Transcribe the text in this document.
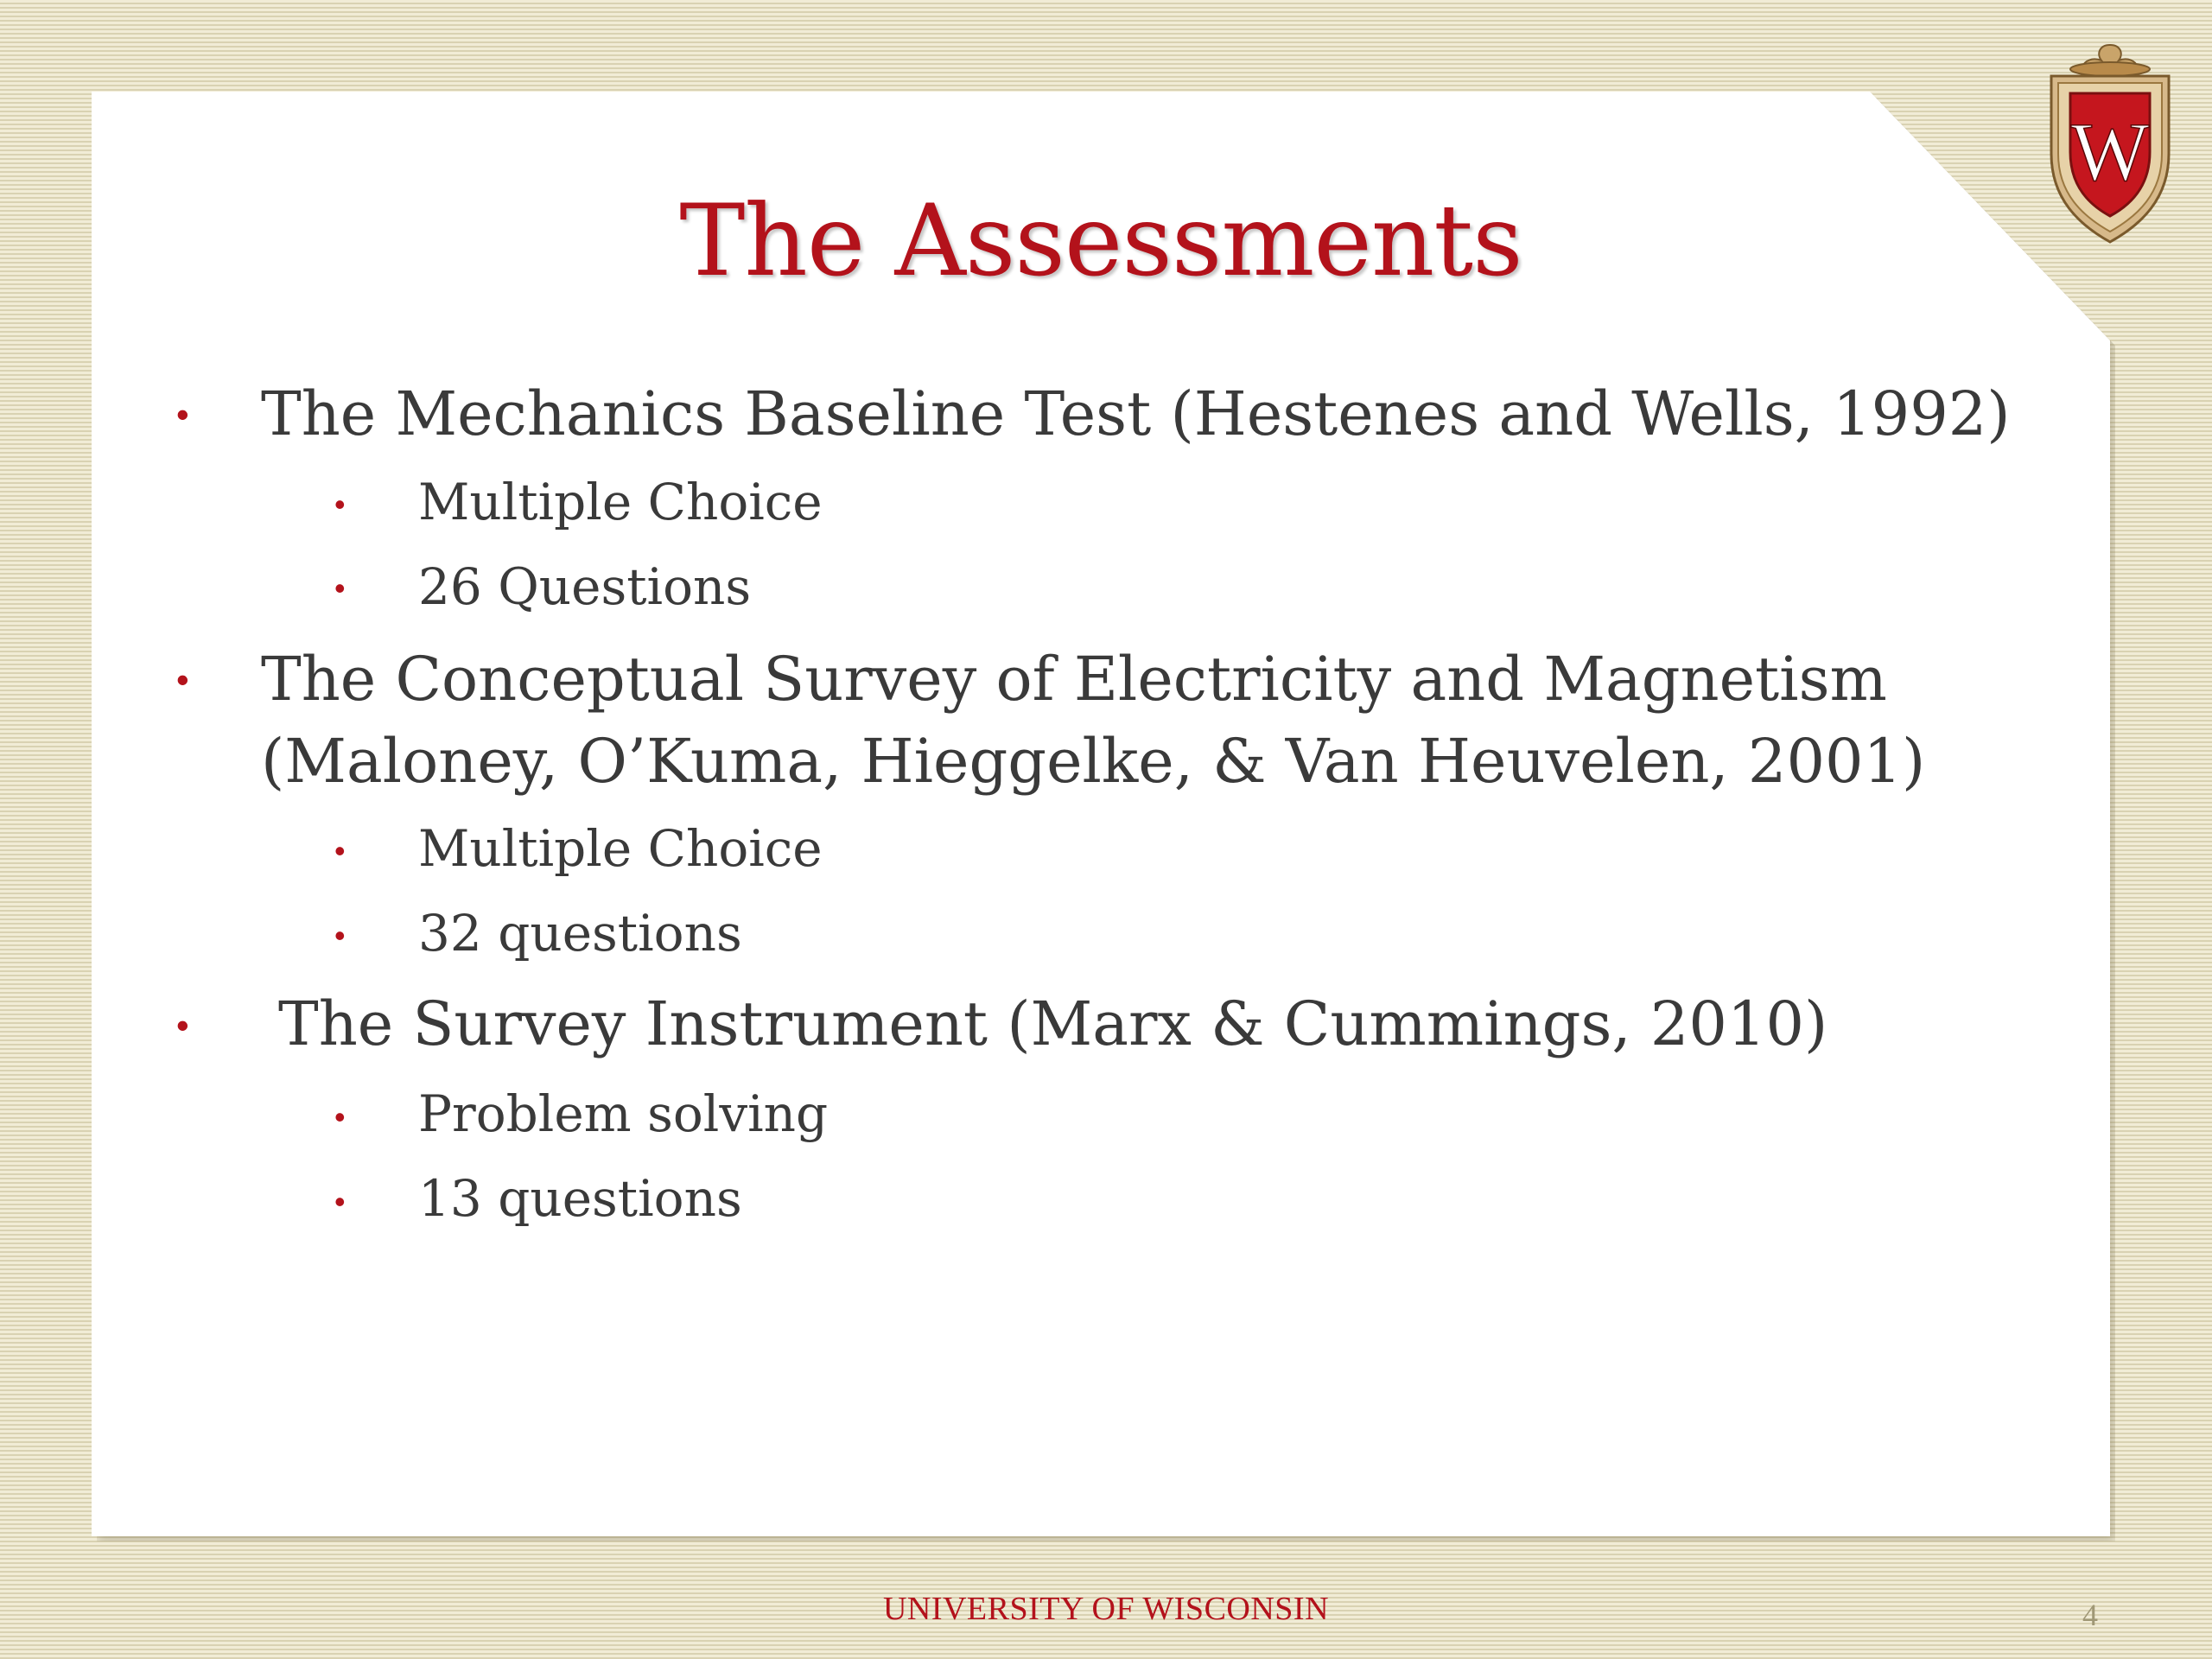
W
The Assessments
• The Mechanics Baseline Test (Hestenes and Wells, 1992)
• Multiple Choice
• 26 Questions
• The Conceptual Survey of Electricity and Magnetism
(Maloney, O’Kuma, Hieggelke, & Van Heuvelen, 2001)
• Multiple Choice
• 32 questions
• The Survey Instrument (Marx & Cummings, 2010)
• Problem solving
• 13 questions
UNIVERSITY OF WISCONSIN	4
